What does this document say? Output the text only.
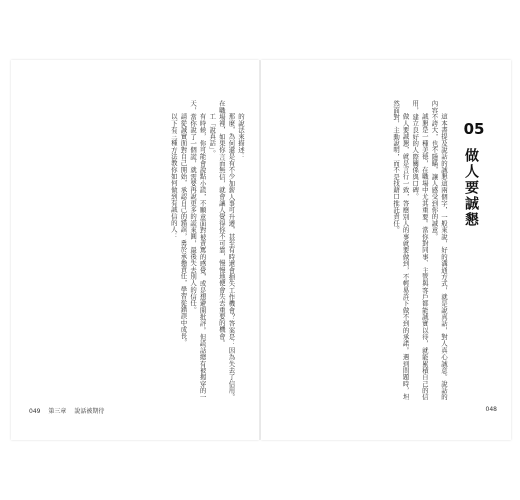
的說法來描述：

那麼，為何還是有不少加薪人事可升遷，甚至有時還會損失工作機會？答案是：因為失去了信用。在職場裡，如果你言而無信，就會讓人覺得你不可靠，慢慢地便會失去重要的機會。

工「說真話」。

有時候，你可能會說點小謊，不願意面對被責罵的感覺，或是想避開批評。但謊話總有被揭穿的一天，當你說了一個謊，就需要再說更多的謊來圓，最後失去別人的信任。

請從誠實面對自己開始，承認自己的錯誤，勇於承擔責任，學習從錯誤中成長。

以下有三種方法教你如何做到有誠信的人：

049 第三章 說話被期待
05
做人要誠懇

這本書提及說話的誠懇這兩個字，一般來說，好的溝通方式，就是說真話，對人真心誠意。說話的內容不誇大，也不隱瞞，讓人感受到你的誠意。

誠懇是一種美德，在職場中尤其重要。當你對同事、主管與客戶都能誠實以待，就能累積自己的信用，建立良好的人際關係與口碑。

做人要誠懇，就是言行一致，答應別人的事就要做到，不輕易許下做不到的承諾。遇到問題時，坦然面對，主動說明，而不是找藉口推託責任。

048
